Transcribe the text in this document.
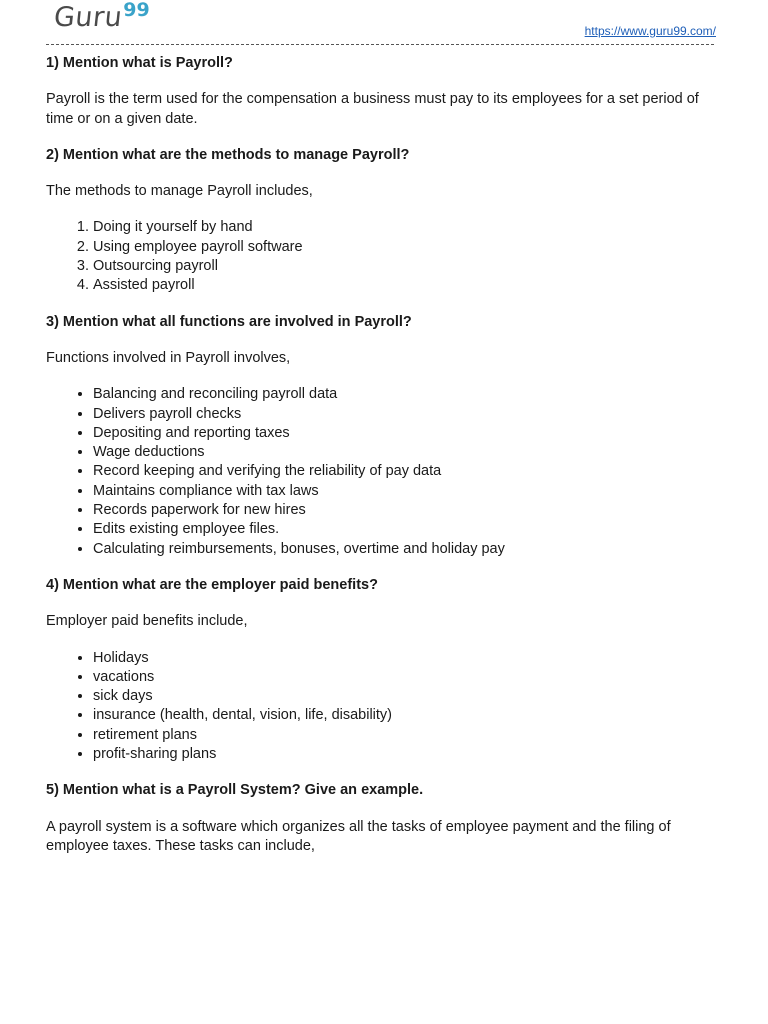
Guru 99
https://www.guru99.com/

1) Mention what is Payroll?

Payroll is the term used for the compensation a business must pay to its employees for a set period of time or on a given date.

2) Mention what are the methods to manage Payroll?

The methods to manage Payroll includes,

1. Doing it yourself by hand
2. Using employee payroll software
3. Outsourcing payroll
4. Assisted payroll

3) Mention what all functions are involved in Payroll?

Functions involved in Payroll involves,

• Balancing and reconciling payroll data
• Delivers payroll checks
• Depositing and reporting taxes
• Wage deductions
• Record keeping and verifying the reliability of pay data
• Maintains compliance with tax laws
• Records paperwork for new hires
• Edits existing employee files.
• Calculating reimbursements, bonuses, overtime and holiday pay

4) Mention what are the employer paid benefits?

Employer paid benefits include,

• Holidays
• vacations
• sick days
• insurance (health, dental, vision, life, disability)
• retirement plans
• profit-sharing plans

5) Mention what is a Payroll System? Give an example.

A payroll system is a software which organizes all the tasks of employee payment and the filing of employee taxes. These tasks can include,
